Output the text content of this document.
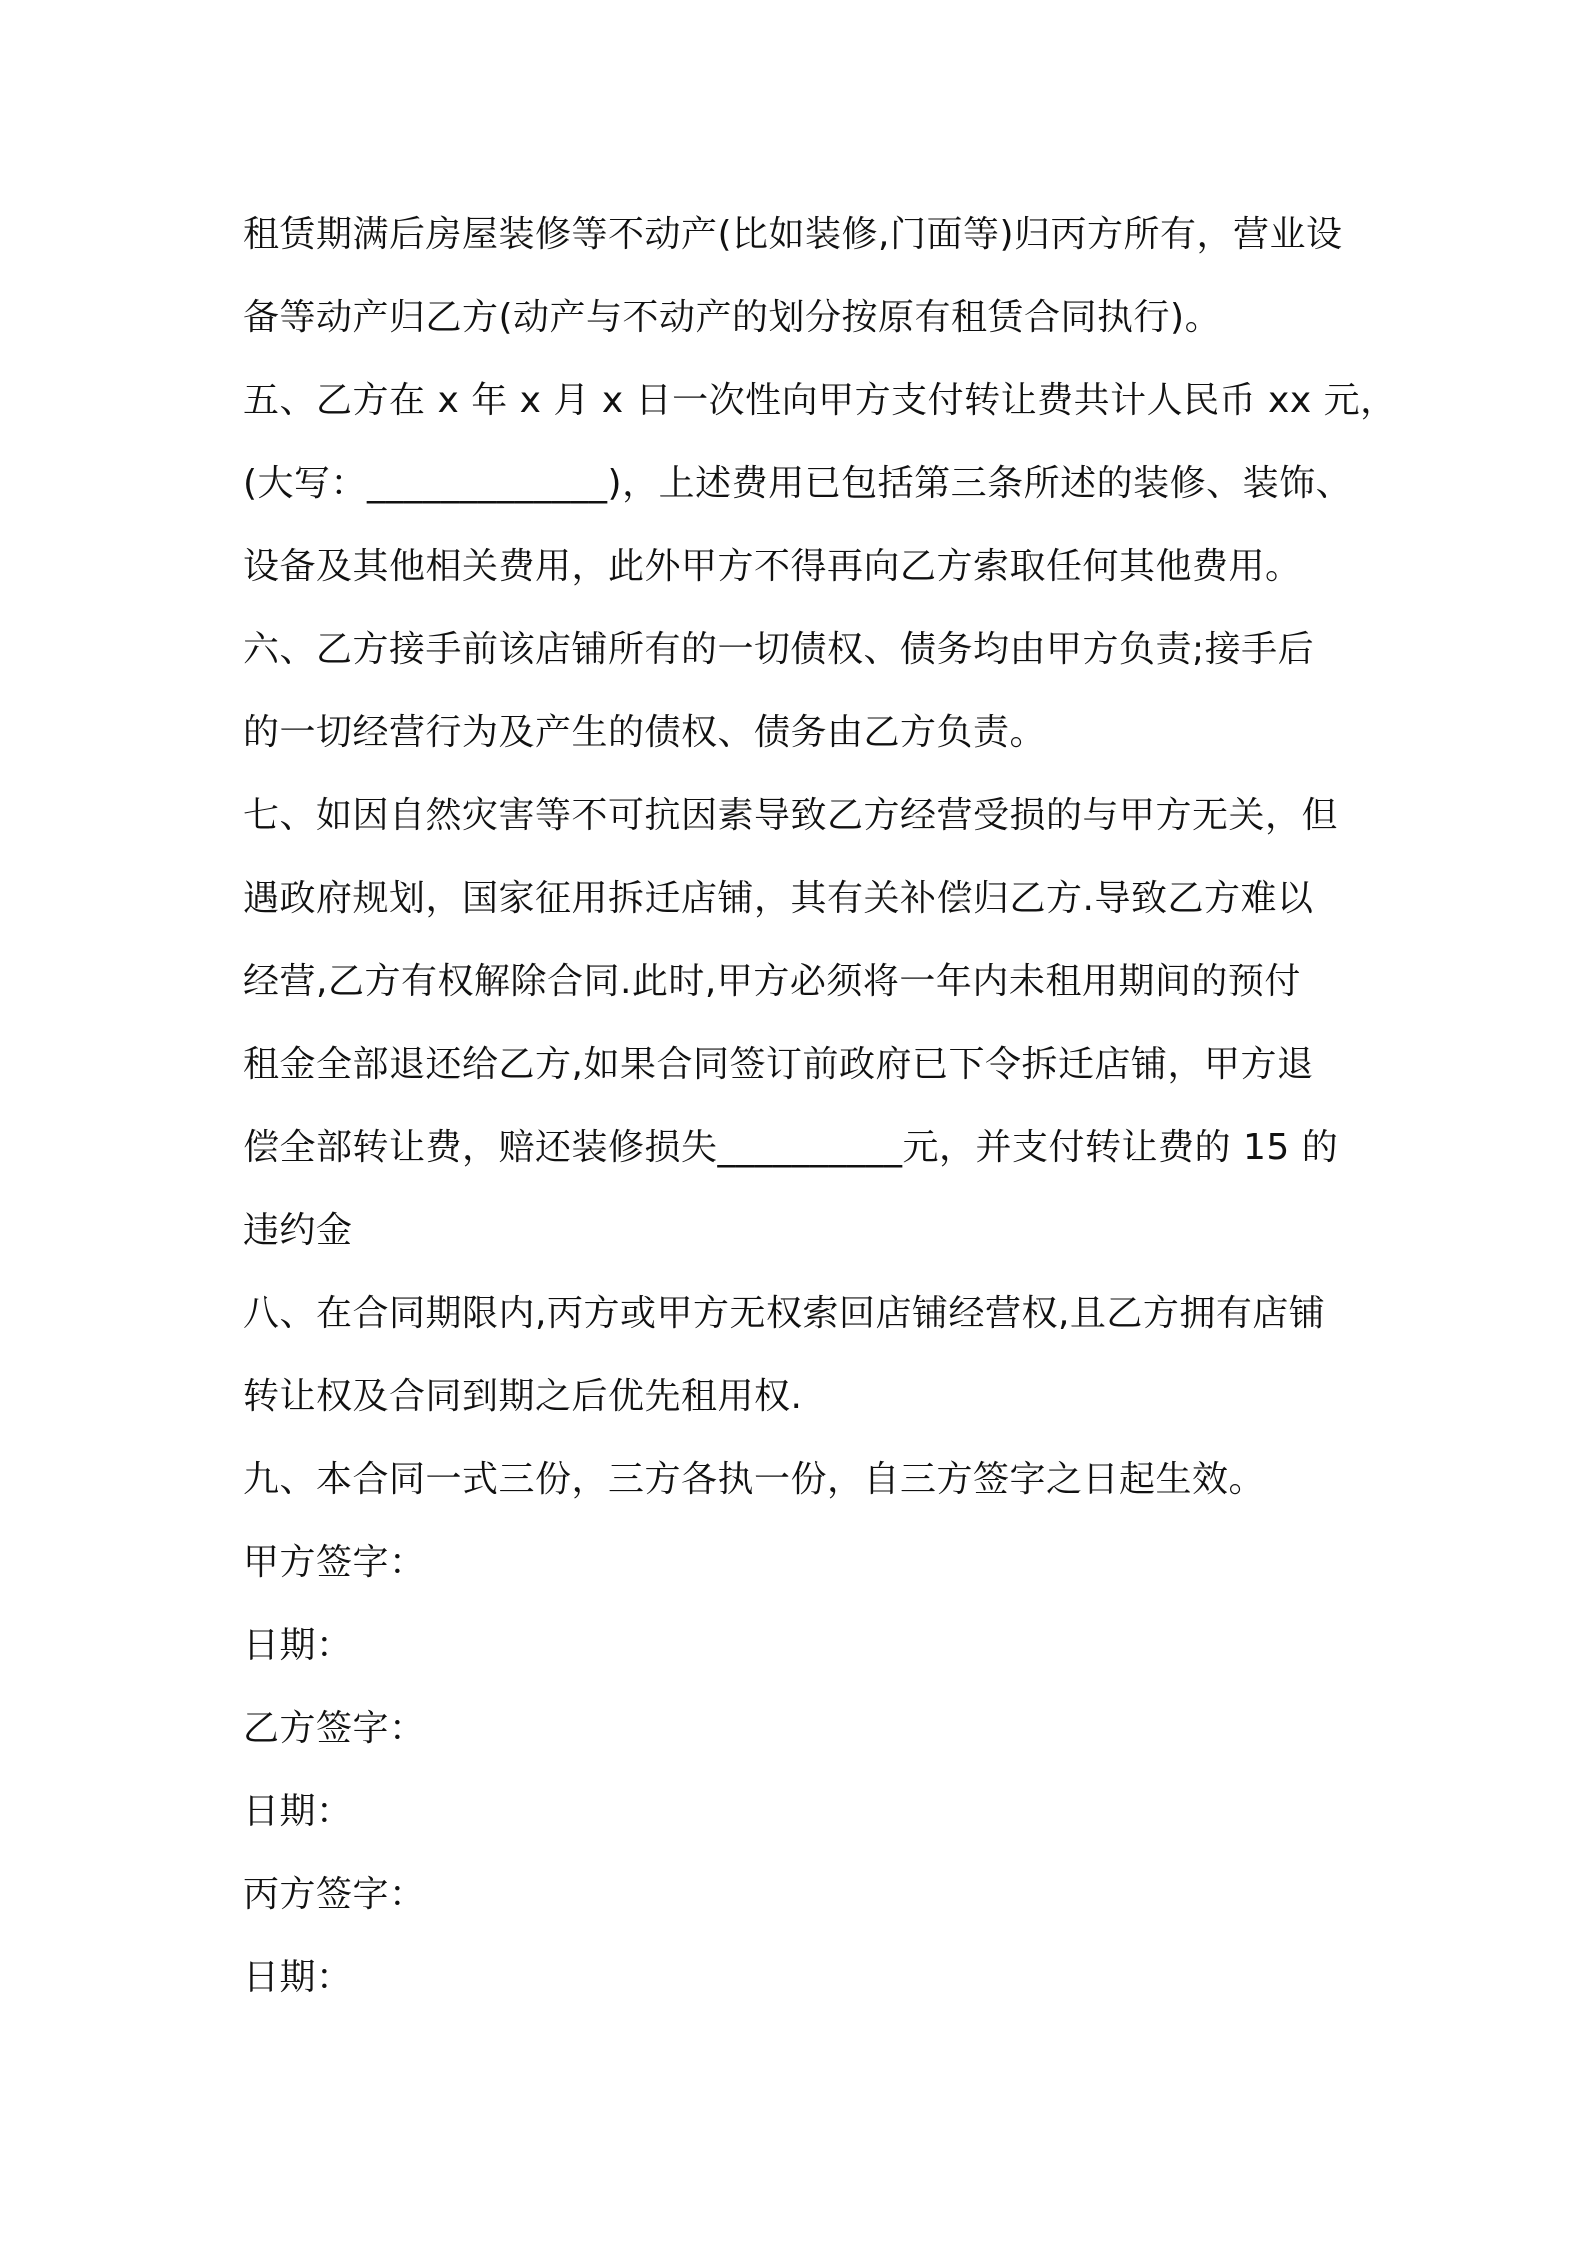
租赁期满后房屋装修等不动产(比如装修,门面等)归丙方所有，营业设
备等动产归乙方(动产与不动产的划分按原有租赁合同执行)。
五、乙方在 x 年 x 月 x 日一次性向甲方支付转让费共计人民币 xx 元，
(大写：_____________)，上述费用已包括第三条所述的装修、装饰、
设备及其他相关费用，此外甲方不得再向乙方索取任何其他费用。
六、乙方接手前该店铺所有的一切债权、债务均由甲方负责;接手后
的一切经营行为及产生的债权、债务由乙方负责。
七、如因自然灾害等不可抗因素导致乙方经营受损的与甲方无关，但
遇政府规划，国家征用拆迁店铺，其有关补偿归乙方.导致乙方难以
经营,乙方有权解除合同.此时,甲方必须将一年内未租用期间的预付
租金全部退还给乙方,如果合同签订前政府已下令拆迁店铺，甲方退
偿全部转让费，赔还装修损失__________元，并支付转让费的 15 的
违约金
八、在合同期限内,丙方或甲方无权索回店铺经营权,且乙方拥有店铺
转让权及合同到期之后优先租用权.
九、本合同一式三份，三方各执一份，自三方签字之日起生效。
甲方签字：
日期：
乙方签字：
日期：
丙方签字：
日期：
